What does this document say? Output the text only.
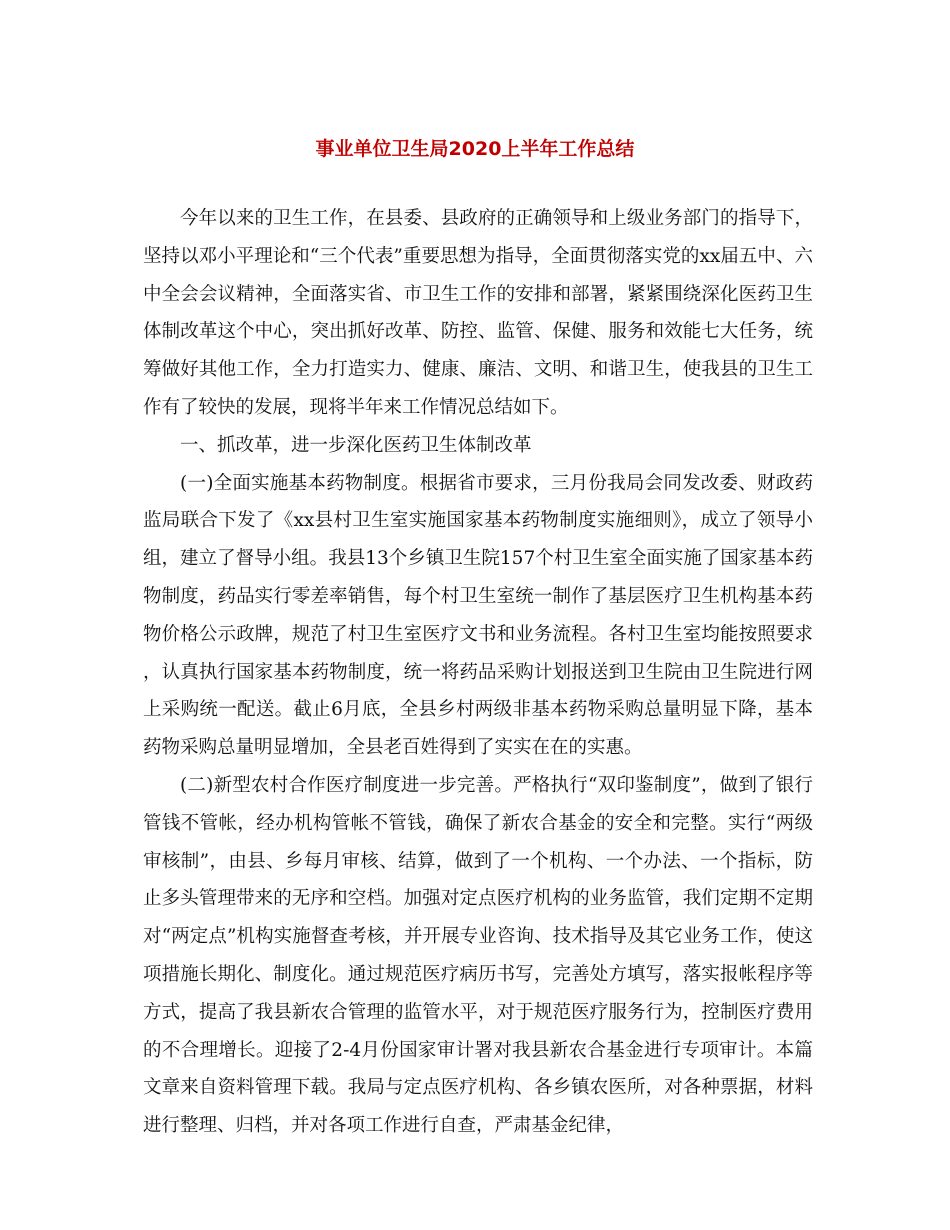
事业单位卫生局2020上半年工作总结

今年以来的卫生工作，在县委、县政府的正确领导和上级业务部门的指导下，坚持以邓小平理论和“三个代表”重要思想为指导，全面贯彻落实党的xx届五中、六中全会会议精神，全面落实省、市卫生工作的安排和部署，紧紧围绕深化医药卫生体制改革这个中心，突出抓好改革、防控、监管、保健、服务和效能七大任务，统筹做好其他工作，全力打造实力、健康、廉洁、文明、和谐卫生，使我县的卫生工作有了较快的发展，现将半年来工作情况总结如下。

一、抓改革，进一步深化医药卫生体制改革

(一)全面实施基本药物制度。根据省市要求，三月份我局会同发改委、财政药监局联合下发了《xx县村卫生室实施国家基本药物制度实施细则》，成立了领导小组，建立了督导小组。我县13个乡镇卫生院157个村卫生室全面实施了国家基本药物制度，药品实行零差率销售，每个村卫生室统一制作了基层医疗卫生机构基本药物价格公示政牌，规范了村卫生室医疗文书和业务流程。各村卫生室均能按照要求，认真执行国家基本药物制度，统一将药品采购计划报送到卫生院由卫生院进行网上采购统一配送。截止6月底，全县乡村两级非基本药物采购总量明显下降，基本药物采购总量明显增加，全县老百姓得到了实实在在的实惠。

(二)新型农村合作医疗制度进一步完善。严格执行“双印鉴制度”，做到了银行管钱不管帐，经办机构管帐不管钱，确保了新农合基金的安全和完整。实行“两级审核制”，由县、乡每月审核、结算，做到了一个机构、一个办法、一个指标，防止多头管理带来的无序和空档。加强对定点医疗机构的业务监管，我们定期不定期对“两定点”机构实施督查考核，并开展专业咨询、技术指导及其它业务工作，使这项措施长期化、制度化。通过规范医疗病历书写，完善处方填写，落实报帐程序等方式，提高了我县新农合管理的监管水平，对于规范医疗服务行为，控制医疗费用的不合理增长。迎接了2-4月份国家审计署对我县新农合基金进行专项审计。本篇文章来自资料管理下载。我局与定点医疗机构、各乡镇农医所，对各种票据，材料进行整理、归档，并对各项工作进行自查，严肃基金纪律，
